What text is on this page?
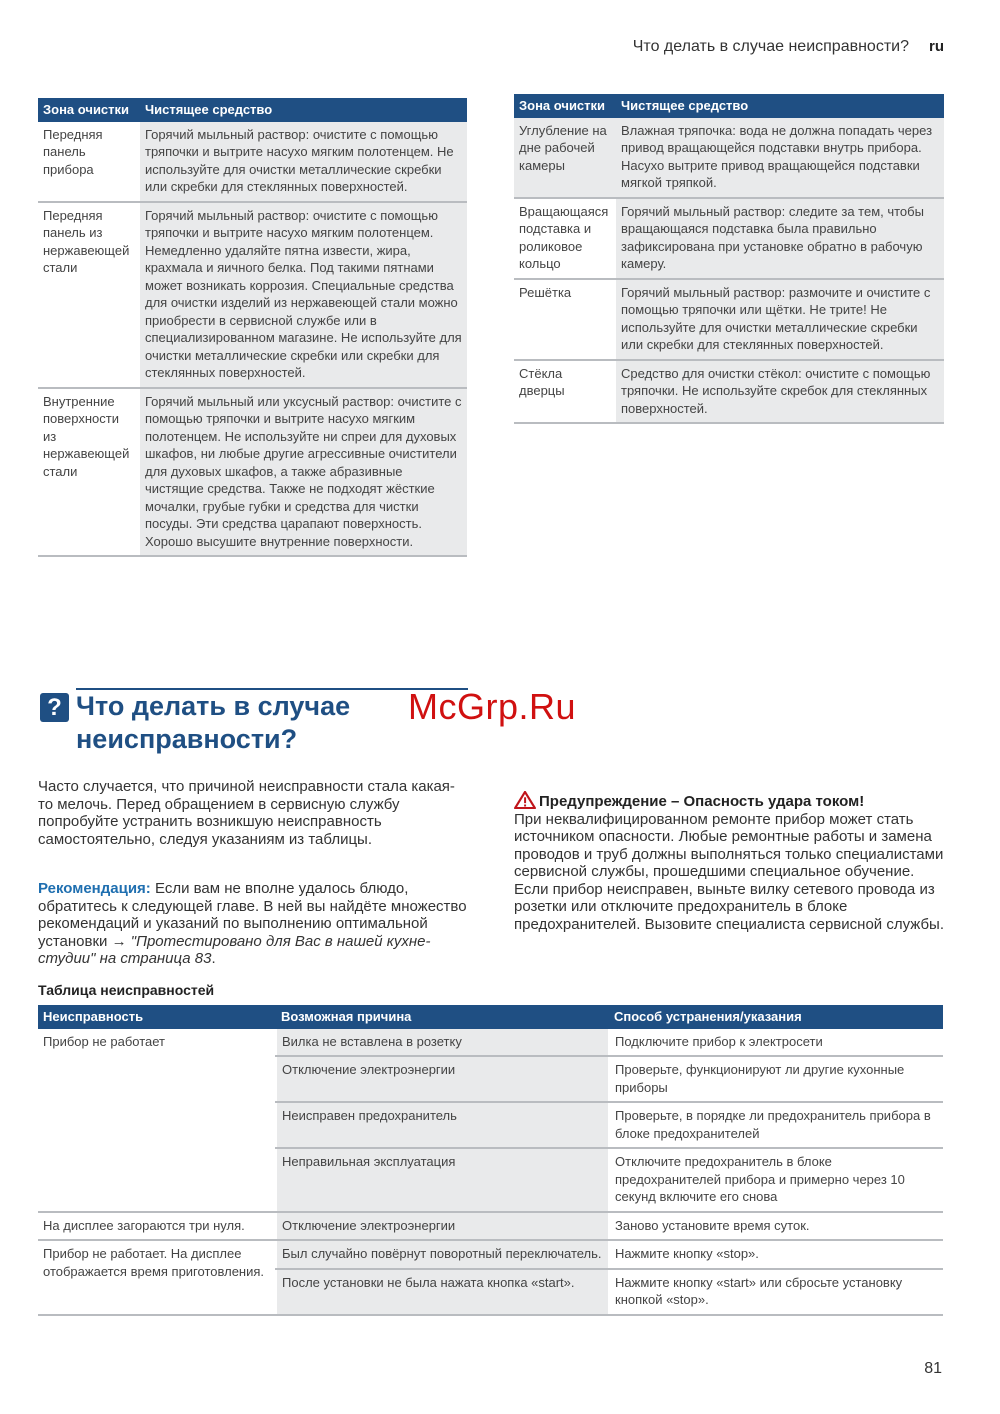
Что делать в случае неисправности? ru
Зона очистки	Чистящее средство
Передняя панель прибора	Горячий мыльный раствор: очистите с помощью тряпочки и вытрите насухо мягким полотенцем. Не используйте для очистки металлические скребки или скребки для стеклянных поверхностей.
Передняя панель из нержавеющей стали	Горячий мыльный раствор: очистите с помощью тряпочки и вытрите насухо мягким полотенцем. Немедленно удаляйте пятна извести, жира, крахмала и яичного белка. Под такими пятнами может возникать коррозия. Специальные средства для очистки изделий из нержавеющей стали можно приобрести в сервисной службе или в специализированном магазине. Не используйте для очистки металлические скребки или скребки для стеклянных поверхностей.
Внутренние поверхности из нержавеющей стали	Горячий мыльный или уксусный раствор: очистите с помощью тряпочки и вытрите насухо мягким полотенцем. Не используйте ни спреи для духовых шкафов, ни любые другие агрессивные очистители для духовых шкафов, а также абразивные чистящие средства. Также не подходят жёсткие мочалки, грубые губки и средства для чистки посуды. Эти средства царапают поверхность. Хорошо высушите внутренние поверхности.
Зона очистки	Чистящее средство
Углубление на дне рабочей камеры	Влажная тряпочка: вода не должна попадать через привод вращающейся подставки внутрь прибора. Насухо вытрите привод вращающейся подставки мягкой тряпкой.
Вращающаяся подставка и роликовое кольцо	Горячий мыльный раствор: следите за тем, чтобы вращающаяся подставка была правильно зафиксирована при установке обратно в рабочую камеру.
Решётка	Горячий мыльный раствор: размочите и очистите с помощью тряпочки или щётки. Не трите! Не используйте для очистки металлические скребки или скребки для стеклянных поверхностей.
Стёкла дверцы	Средство для очистки стёкол: очистите с помощью тряпочки. Не используйте скребок для стеклянных поверхностей.
? Что делать в случае
неисправности?
McGrp.Ru
Часто случается, что причиной неисправности стала какая-то мелочь. Перед обращением в сервисную службу попробуйте устранить возникшую неисправность самостоятельно, следуя указаниям из таблицы.
Рекомендация: Если вам не вполне удалось блюдо, обратитесь к следующей главе. В ней вы найдёте множество рекомендаций и указаний по выполнению оптимальной установки → "Протестировано для Вас в нашей кухне-студии" на страница 83.
Предупреждение – Опасность удара током!
При неквалифицированном ремонте прибор может стать источником опасности. Любые ремонтные работы и замена проводов и труб должны выполняться только специалистами сервисной службы, прошедшими специальное обучение. Если прибор неисправен, выньте вилку сетевого провода из розетки или отключите предохранитель в блоке предохранителей. Вызовите специалиста сервисной службы.
Таблица неисправностей
Неисправность	Возможная причина	Способ устранения/указания
Прибор не работает	Вилка не вставлена в розетку	Подключите прибор к электросети
	Отключение электроэнергии	Проверьте, функционируют ли другие кухонные приборы
	Неисправен предохранитель	Проверьте, в порядке ли предохранитель прибора в блоке предохранителей
	Неправильная эксплуатация	Отключите предохранитель в блоке предохранителей прибора и примерно через 10 секунд включите его снова
На дисплее загораются три нуля.	Отключение электроэнергии	Заново установите время суток.
Прибор не работает. На дисплее отображается время приготовления.	Был случайно повёрнут поворотный переключатель.	Нажмите кнопку «stop».
	После установки не была нажата кнопка «start».	Нажмите кнопку «start» или сбросьте установку кнопкой «stop».
81
